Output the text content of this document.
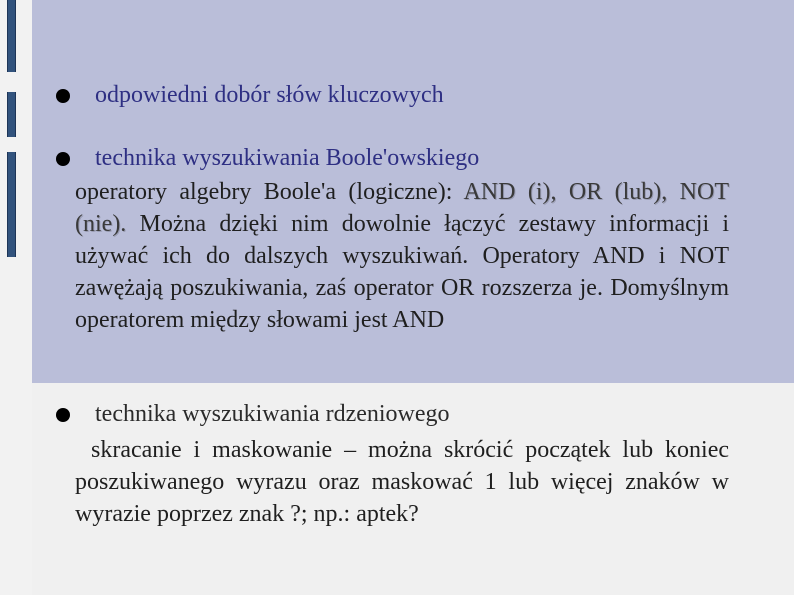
odpowiedni dobór słów kluczowych
technika wyszukiwania Boole'owskiego
operatory algebry Boole'a (logiczne): AND (i), OR (lub), NOT (nie). Można dzięki nim dowolnie łączyć zestawy informacji i używać ich do dalszych wyszukiwań. Operatory AND i NOT zawężają poszukiwania, zaś operator OR rozszerza je. Domyślnym operatorem między słowami jest AND
technika wyszukiwania rdzeniowego
skracanie i maskowanie – można skrócić początek lub koniec poszukiwanego wyrazu oraz maskować 1 lub więcej znaków w wyrazie poprzez znak ?; np.: aptek?
